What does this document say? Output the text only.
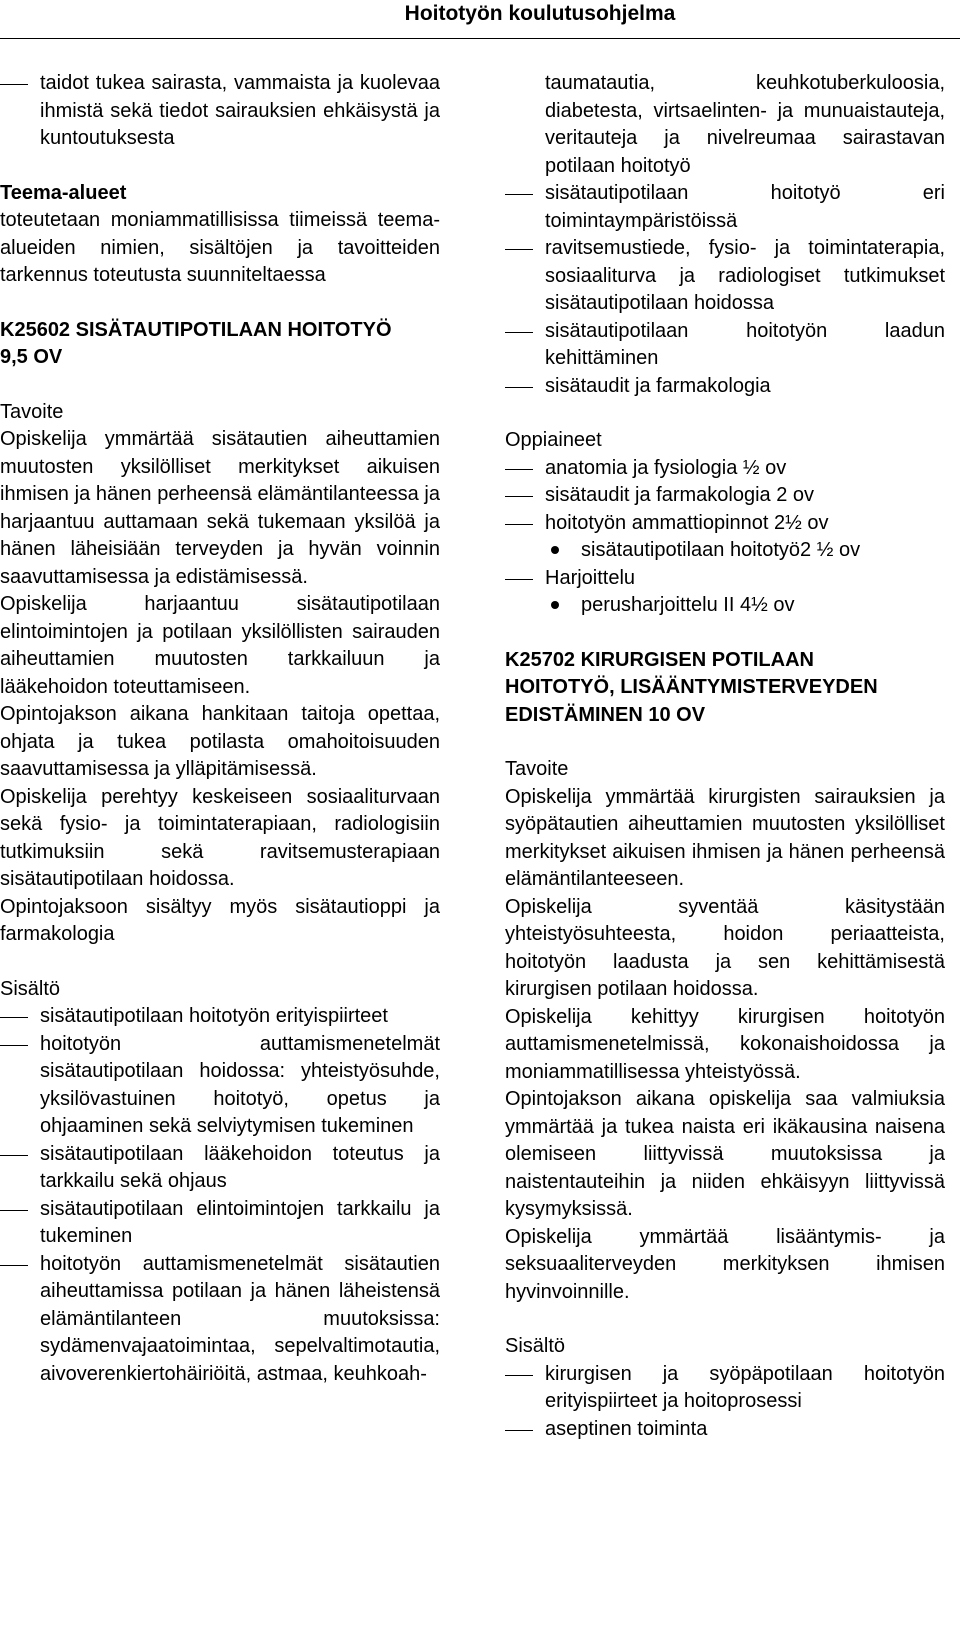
Hoitotyön koulutusohjelma

taidot tukea sairasta, vammaista ja kuolevaa ihmistä sekä tiedot sairauksien ehkäisystä ja kuntoutuksesta

Teema-alueet

toteutetaan moniammatillisissa tiimeissä teema-alueiden nimien, sisältöjen ja tavoitteiden tarkennus toteutusta suunniteltaessa

K25602 SISÄTAUTIPOTILAAN HOITOTYÖ 9,5 OV

Tavoite

Opiskelija ymmärtää sisätautien aiheuttamien muutosten yksilölliset merkitykset aikuisen ihmisen ja hänen perheensä elämäntilanteessa ja harjaantuu auttamaan sekä tukemaan yksilöä ja hänen läheisiään terveyden ja hyvän voinnin saavuttamisessa ja edistämisessä.

Opiskelija harjaantuu sisätautipotilaan elintoimintojen ja potilaan yksilöllisten sairauden aiheuttamien muutosten tarkkailuun ja lääkehoidon toteuttamiseen.

Opintojakson aikana hankitaan taitoja opettaa, ohjata ja tukea potilasta omahoitoisuuden saavuttamisessa ja ylläpitämisessä.

Opiskelija perehtyy keskeiseen sosiaaliturvaan sekä fysio- ja toimintaterapiaan, radiologisiin tutkimuksiin sekä ravitsemusterapiaan sisätautipotilaan hoidossa.

Opintojaksoon sisältyy myös sisätautioppi ja farmakologia

Sisältö

sisätautipotilaan hoitotyön erityispiirteet

hoitotyön auttamismenetelmät sisätautipotilaan hoidossa: yhteistyösuhde, yksilövastuinen hoitotyö, opetus ja ohjaaminen sekä selviytymisen tukeminen

sisätautipotilaan lääkehoidon toteutus ja tarkkailu sekä ohjaus

sisätautipotilaan elintoimintojen tarkkailu ja tukeminen

hoitotyön auttamismenetelmät sisätautien aiheuttamissa potilaan ja hänen läheistensä elämäntilanteen muutoksissa: sydämenvajaatoimintaa, sepelvaltimotautia, aivoverenkiertohäiriöitä, astmaa, keuhkoah-

taumatautia, keuhkotuberkuloosia, diabetesta, virtsaelinten- ja munuaistauteja, veritauteja ja nivelreumaa sairastavan potilaan hoitotyö

sisätautipotilaan hoitotyö eri toimintaympäristöissä

ravitsemustiede, fysio- ja toimintaterapia, sosiaaliturva ja radiologiset tutkimukset sisätautipotilaan hoidossa

sisätautipotilaan hoitotyön laadun kehittäminen

sisätaudit ja farmakologia

Oppiaineet

anatomia ja fysiologia ½ ov

sisätaudit ja farmakologia 2 ov

hoitotyön ammattiopinnot 2½ ov

sisätautipotilaan hoitotyö2 ½ ov

Harjoittelu

perusharjoittelu II 4½ ov

K25702 KIRURGISEN POTILAAN HOITOTYÖ, LISÄÄNTYMISTERVEYDEN EDISTÄMINEN 10 OV

Tavoite

Opiskelija ymmärtää kirurgisten sairauksien ja syöpätautien aiheuttamien muutosten yksilölliset merkitykset aikuisen ihmisen ja hänen perheensä elämäntilanteeseen.

Opiskelija syventää käsitystään yhteistyösuhteesta, hoidon periaatteista, hoitotyön laadusta ja sen kehittämisestä kirurgisen potilaan hoidossa.

Opiskelija kehittyy kirurgisen hoitotyön auttamismenetelmissä, kokonaishoidossa ja moniammatillisessa yhteistyössä.

Opintojakson aikana opiskelija saa valmiuksia ymmärtää ja tukea naista eri ikäkausina naisena olemiseen liittyvissä muutoksissa ja naistentauteihin ja niiden ehkäisyyn liittyvissä kysymyksissä.

Opiskelija ymmärtää lisääntymis- ja seksuaaliterveyden merkityksen ihmisen hyvinvoinnille.

Sisältö

kirurgisen ja syöpäpotilaan hoitotyön erityispiirteet ja hoitoprosessi

aseptinen toiminta
